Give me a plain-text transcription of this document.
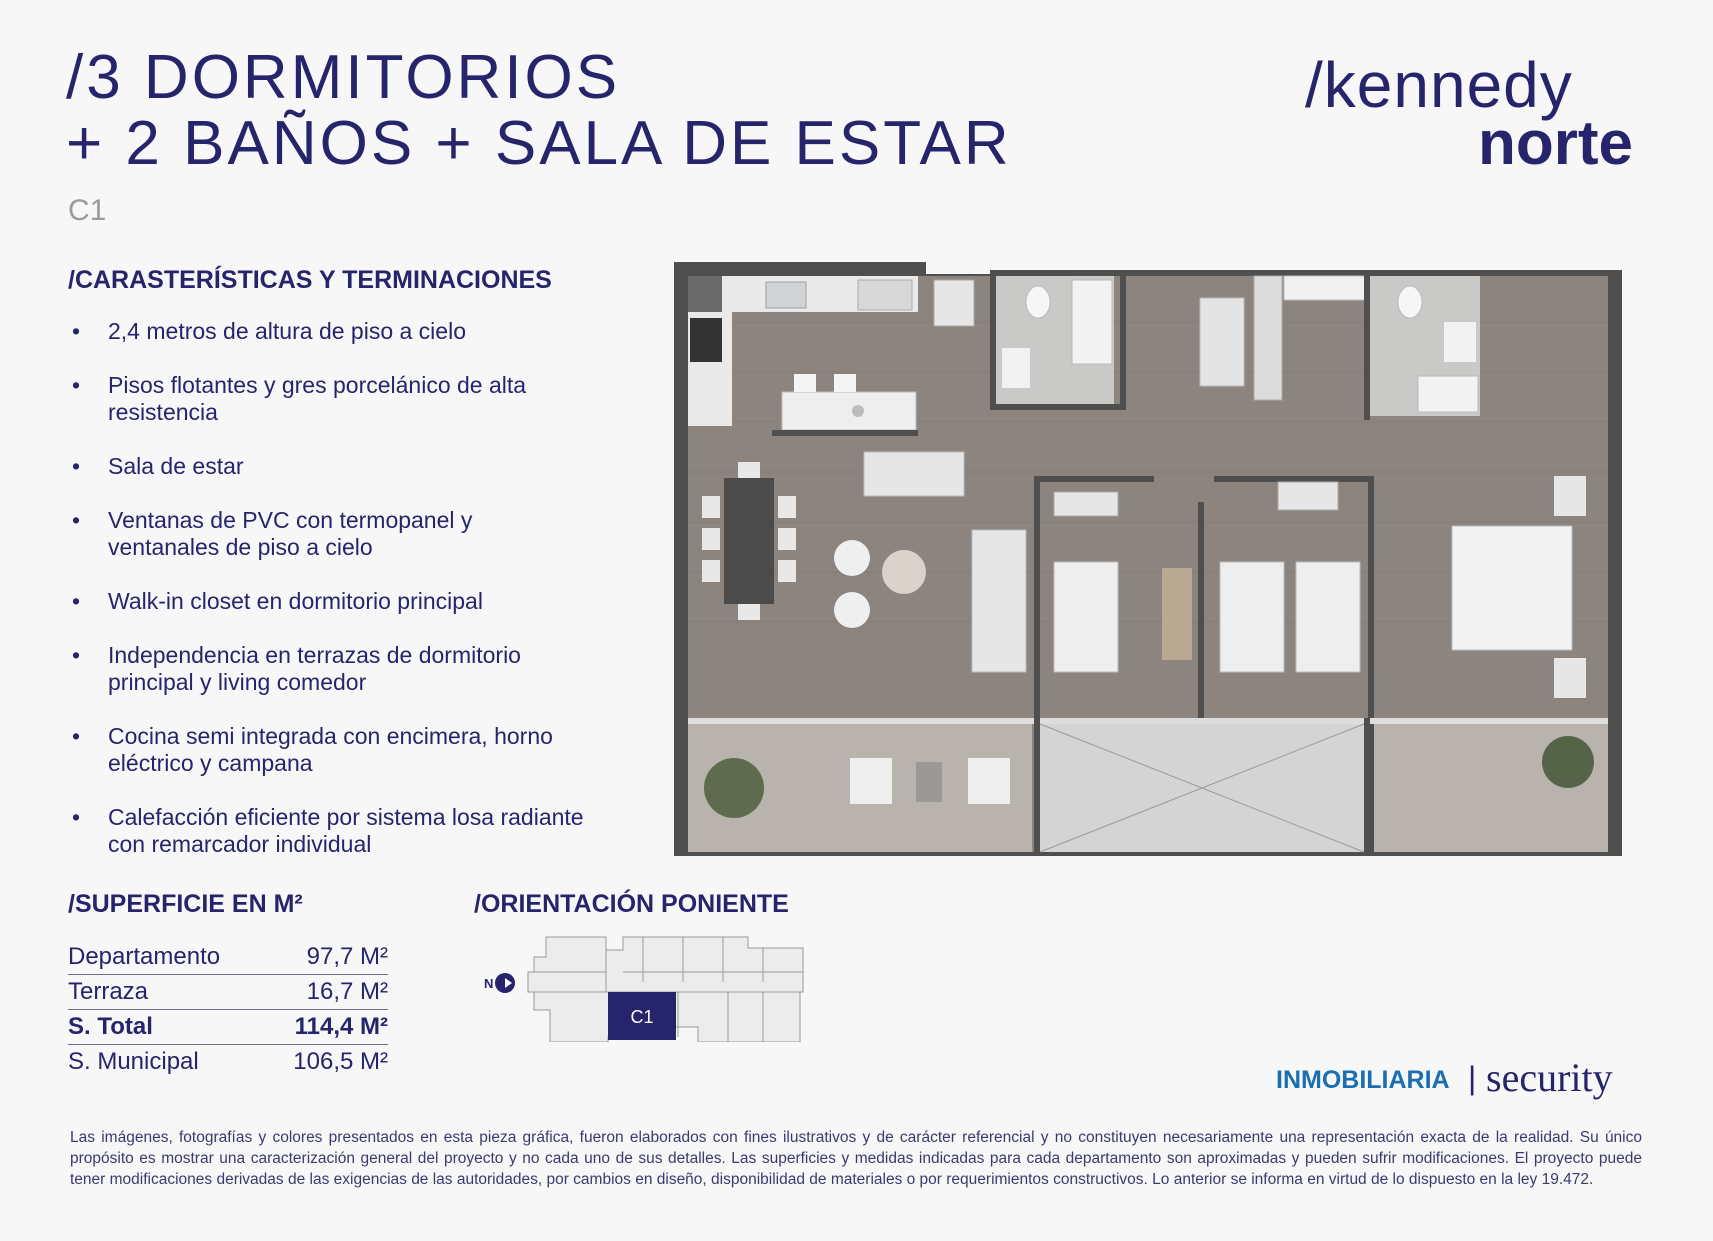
/3 DORMITORIOS
+ 2 BAÑOS + SALA DE ESTAR
C1
/kennedy
norte
/CARASTERÍSTICAS Y TERMINACIONES
• 2,4 metros de altura de piso a cielo
• Pisos flotantes y gres porcelánico de alta resistencia
• Sala de estar
• Ventanas de PVC con termopanel y ventanales de piso a cielo
• Walk-in closet en dormitorio principal
• Independencia en terrazas de dormitorio principal y living comedor
• Cocina semi integrada con encimera, horno eléctrico y campana
• Calefacción eficiente por sistema losa radiante con remarcador individual
/SUPERFICIE EN M²
Departamento	97,7 M²
Terraza	16,7 M²
S. Total	114,4 M²
S. Municipal	106,5 M²
/ORIENTACIÓN PONIENTE
C1
N
INMOBILIARIA | security

Las imágenes, fotografías y colores presentados en esta pieza gráfica, fueron elaborados con fines ilustrativos y de carácter referencial y no constituyen necesariamente una representación exacta de la realidad. Su único propósito es mostrar una caracterización general del proyecto y no cada uno de sus detalles. Las superficies y medidas indicadas para cada departamento son aproximadas y pueden sufrir modificaciones. El proyecto puede tener modificaciones derivadas de las exigencias de las autoridades, por cambios en diseño, disponibilidad de materiales o por requerimientos constructivos. Lo anterior se informa en virtud de lo dispuesto en la ley 19.472.
